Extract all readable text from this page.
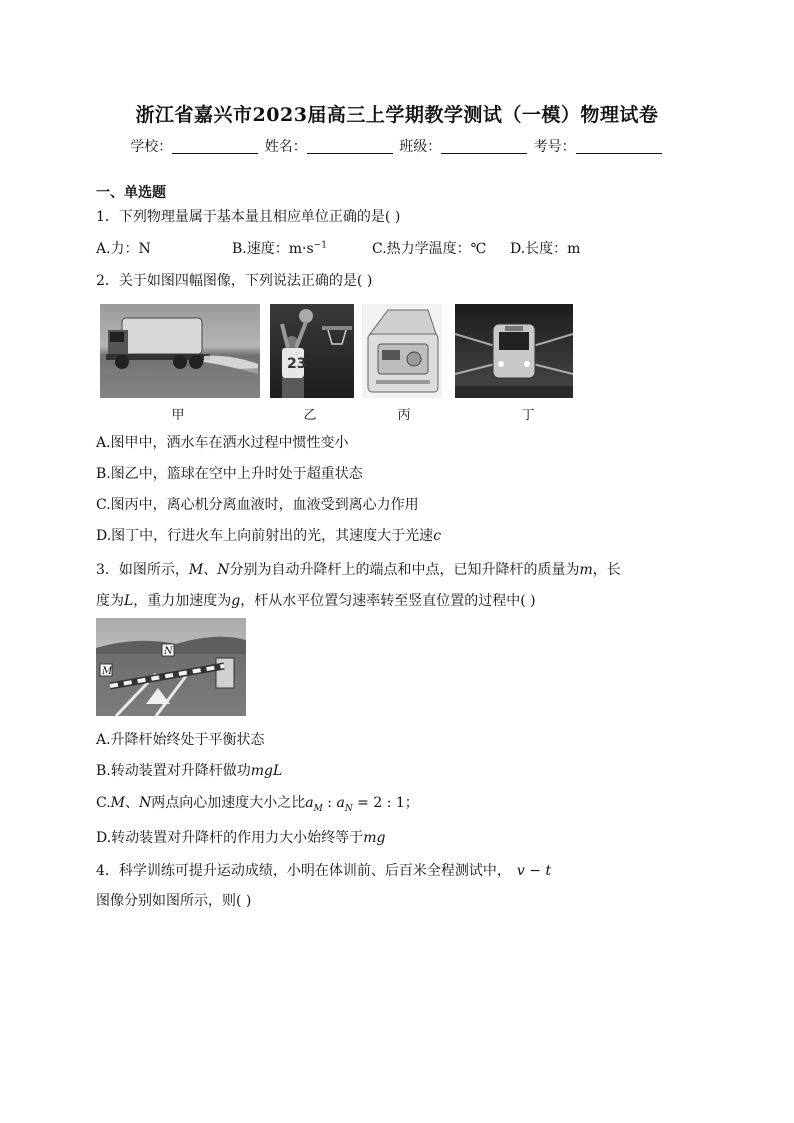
浙江省嘉兴市2023届高三上学期教学测试（一模）物理试卷
学校：	姓名：	班级：	考号：
一、单选题
1．下列物理量属于基本量且相应单位正确的是( )
A.力：N	B.速度：$m\cdot s^{-1}$	C.热力学温度：℃ D.长度：m
2．关于如图四幅图像，下列说法正确的是( )
23
甲	乙	丙	丁
A.图甲中，洒水车在洒水过程中惯性变小
B.图乙中，篮球在空中上升时处于超重状态
C.图丙中，离心机分离血液时，血液受到离心力作用
D.图丁中，行进火车上向前射出的光，其速度大于光速c
3．如图所示，M、N分别为自动升降杆上的端点和中点，已知升降杆的质量为m，长
度为L，重力加速度为g，杆从水平位置匀速率转至竖直位置的过程中( )
M
N
A.升降杆始终处于平衡状态
B.转动装置对升降杆做功mgL
C.M、N两点向心加速度大小之比$a_M$ : $a_N = 2$ : 1；
D.转动装置对升降杆的作用力大小始终等于mg
4．科学训练可提升运动成绩，小明在体训前、后百米全程测试中， v − t
图像分别如图所示，则( )
